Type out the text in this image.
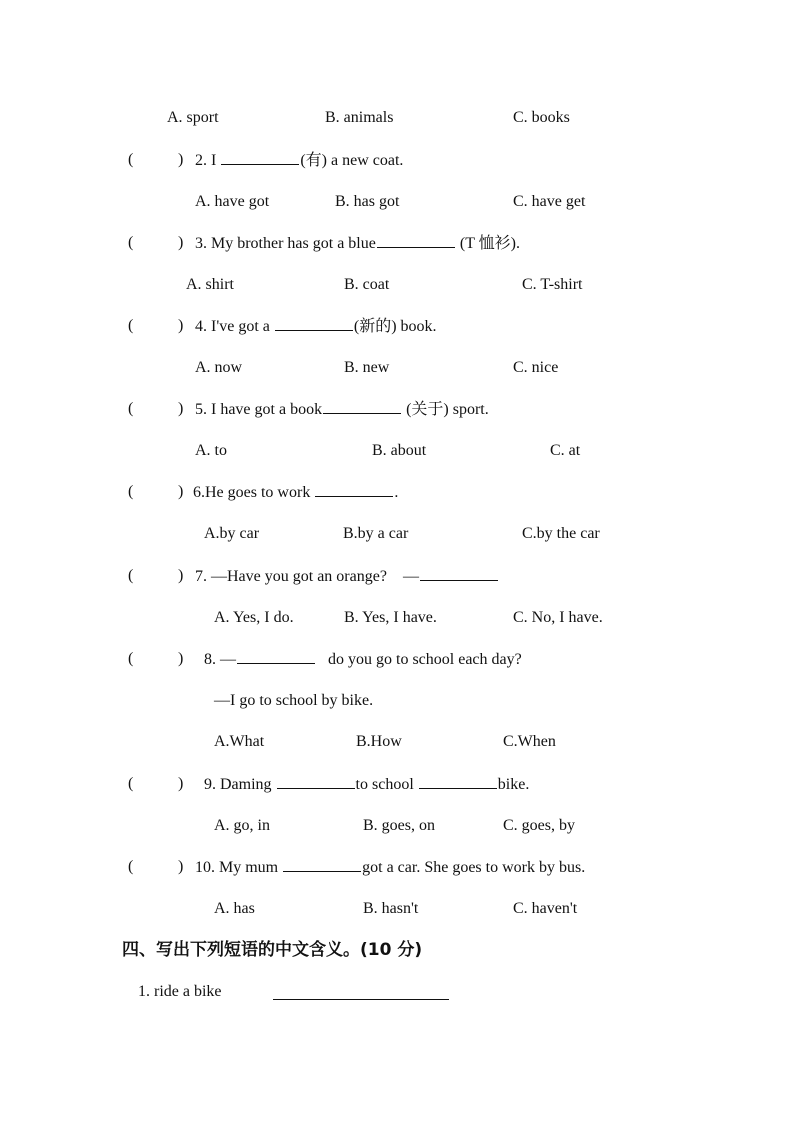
A. sport	B. animals	C. books
(	) 2. I	(有) a new coat.
A. have got	B. has got	C. have get
(	) 3. My brother has got a blue	(T 恤衫).
A. shirt	B. coat	C. T-shirt
(	) 4. I've got a	(新的) book.
A. now	B. new	C. nice
(	) 5. I have got a book	(关于) sport.
A. to	B. about	C. at
(	) 6.He goes to work	.
A.by car	B.by a car	C.by the car
(	) 7. —Have you got an orange?    —
A. Yes, I do.	B. Yes, I have.	C. No, I have.
(	) 8. —	do you go to school each day?
—I go to school by bike.
A.What	B.How	C.When
(	) 9. Daming	to school	bike.
A. go, in	B. goes, on	C. goes, by
(	) 10. My mum	got a car. She goes to work by bus.
A. has	B. hasn't	C. haven't
四、写出下列短语的中文含义。(10 分)
1. ride a bike
